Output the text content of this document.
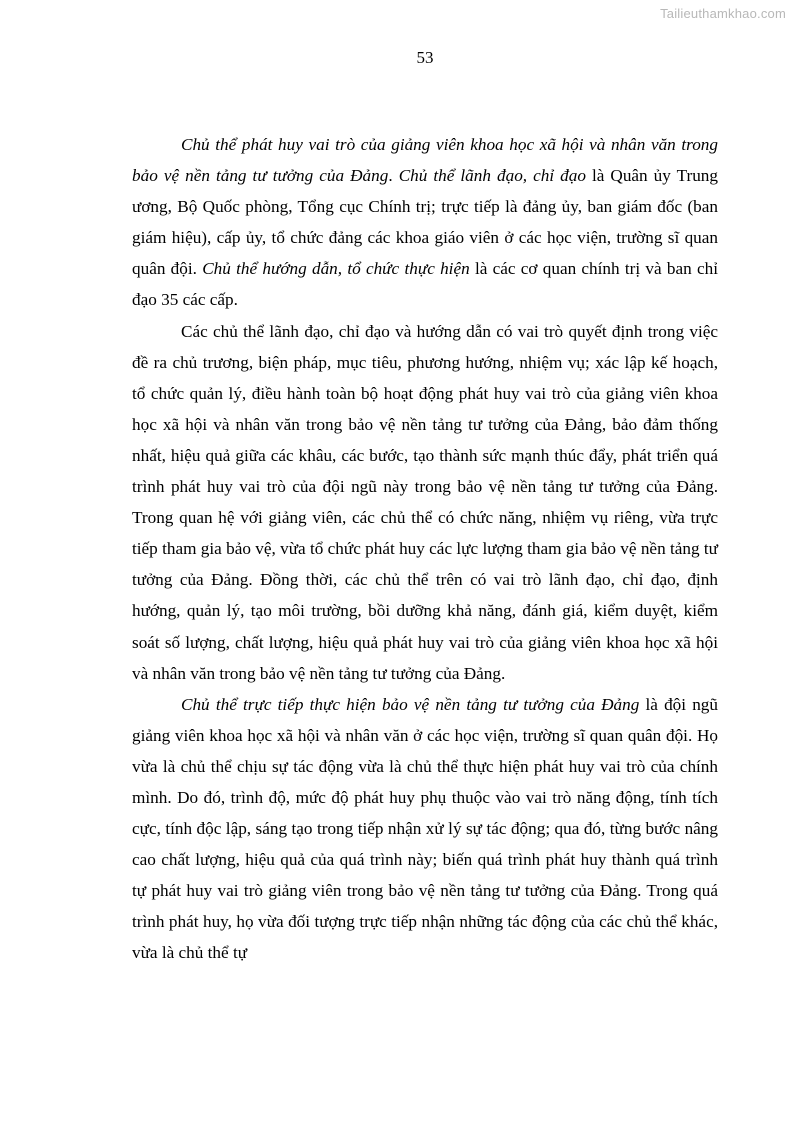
Tailieuthamkhao.com
53

Chủ thể phát huy vai trò của giảng viên khoa học xã hội và nhân văn trong bảo vệ nền tảng tư tưởng của Đảng. Chủ thể lãnh đạo, chỉ đạo là Quân ủy Trung ương, Bộ Quốc phòng, Tổng cục Chính trị; trực tiếp là đảng ủy, ban giám đốc (ban giám hiệu), cấp ủy, tổ chức đảng các khoa giáo viên ở các học viện, trường sĩ quan quân đội. Chủ thể hướng dẫn, tổ chức thực hiện là các cơ quan chính trị và ban chỉ đạo 35 các cấp.

Các chủ thể lãnh đạo, chỉ đạo và hướng dẫn có vai trò quyết định trong việc đề ra chủ trương, biện pháp, mục tiêu, phương hướng, nhiệm vụ; xác lập kế hoạch, tổ chức quản lý, điều hành toàn bộ hoạt động phát huy vai trò của giảng viên khoa học xã hội và nhân văn trong bảo vệ nền tảng tư tưởng của Đảng, bảo đảm thống nhất, hiệu quả giữa các khâu, các bước, tạo thành sức mạnh thúc đẩy, phát triển quá trình phát huy vai trò của đội ngũ này trong bảo vệ nền tảng tư tưởng của Đảng. Trong quan hệ với giảng viên, các chủ thể có chức năng, nhiệm vụ riêng, vừa trực tiếp tham gia bảo vệ, vừa tổ chức phát huy các lực lượng tham gia bảo vệ nền tảng tư tưởng của Đảng. Đồng thời, các chủ thể trên có vai trò lãnh đạo, chỉ đạo, định hướng, quản lý, tạo môi trường, bồi dưỡng khả năng, đánh giá, kiểm duyệt, kiểm soát số lượng, chất lượng, hiệu quả phát huy vai trò của giảng viên khoa học xã hội và nhân văn trong bảo vệ nền tảng tư tưởng của Đảng.

Chủ thể trực tiếp thực hiện bảo vệ nền tảng tư tưởng của Đảng là đội ngũ giảng viên khoa học xã hội và nhân văn ở các học viện, trường sĩ quan quân đội. Họ vừa là chủ thể chịu sự tác động vừa là chủ thể thực hiện phát huy vai trò của chính mình. Do đó, trình độ, mức độ phát huy phụ thuộc vào vai trò năng động, tính tích cực, tính độc lập, sáng tạo trong tiếp nhận xử lý sự tác động; qua đó, từng bước nâng cao chất lượng, hiệu quả của quá trình này; biến quá trình phát huy thành quá trình tự phát huy vai trò giảng viên trong bảo vệ nền tảng tư tưởng của Đảng. Trong quá trình phát huy, họ vừa đối tượng trực tiếp nhận những tác động của các chủ thể khác, vừa là chủ thể tự
